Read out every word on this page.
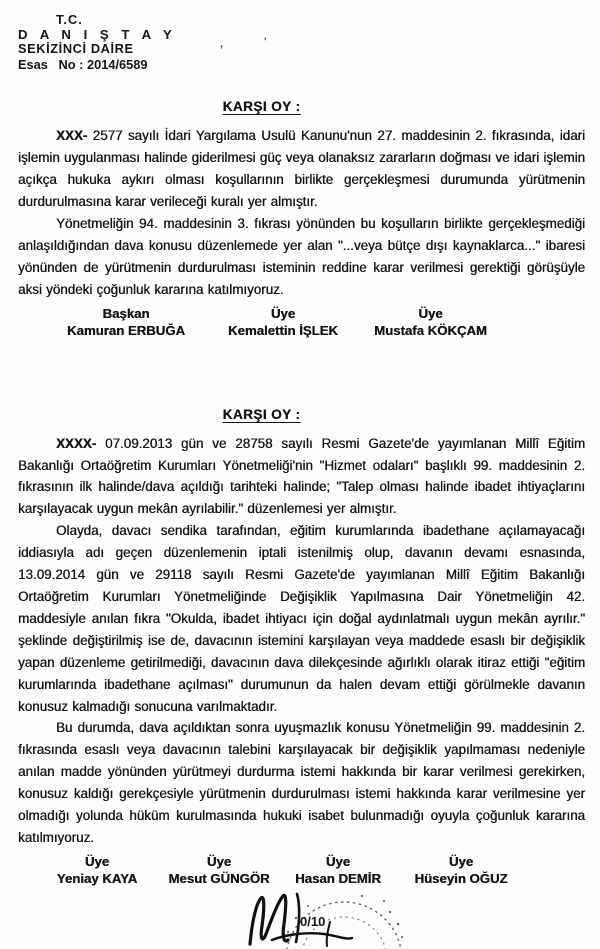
T.C.
D A N I Ş T A Y
SEKİZİNCİ DAİRE
Esas   No : 2014/6589
,	'
KARŞI OY :

XXX- 2577 sayılı İdari Yargılama Usulü Kanunu'nun 27. maddesinin 2. fıkrasında, idari işlemin uygulanması halinde giderilmesi güç veya olanaksız zararların doğması ve idari işlemin açıkça hukuka aykırı olması koşullarının birlikte gerçekleşmesi durumunda yürütmenin durdurulmasına karar verileceği kuralı yer almıştır.

Yönetmeliğin 94. maddesinin 3. fıkrası yönünden bu koşulların birlikte gerçekleşmediği anlaşıldığından dava konusu düzenlemede yer alan "...veya bütçe dışı kaynaklarca..." ibaresi yönünden de yürütmenin durdurulması isteminin reddine karar verilmesi gerektiği görüşüyle aksi yöndeki çoğunluk kararına katılmıyoruz.

Başkan
Kamuran ERBUĞA
Üye
Kemalettin İŞLEK
Üye
Mustafa KÖKÇAM
KARŞI OY :

XXXX- 07.09.2013 gün ve 28758 sayılı Resmi Gazete'de yayımlanan Millî Eğitim Bakanlığı Ortaöğretim Kurumları Yönetmeliği'nin "Hizmet odaları" başlıklı 99. maddesinin 2. fıkrasının ilk halinde/dava açıldığı tarihteki halinde; "Talep olması halinde ibadet ihtiyaçlarını karşılayacak uygun mekân ayrılabilir." düzenlemesi yer almıştır.

Olayda, davacı sendika tarafından, eğitim kurumlarında ibadethane açılamayacağı iddiasıyla adı geçen düzenlemenin iptali istenilmiş olup, davanın devamı esnasında, 13.09.2014 gün ve 29118 sayılı Resmi Gazete'de yayımlanan Millî Eğitim Bakanlığı Ortaöğretim Kurumları Yönetmeliğinde Değişiklik Yapılmasına Dair Yönetmeliğin 42. maddesiyle anılan fıkra "Okulda, ibadet ihtiyacı için doğal aydınlatmalı uygun mekân ayrılır." şeklinde değiştirilmiş ise de, davacının istemini karşılayan veya maddede esaslı bir değişiklik yapan düzenleme getirilmediği, davacının dava dilekçesinde ağırlıklı olarak itiraz ettiği "eğitim kurumlarında ibadethane açılması" durumunun da halen devam ettiği görülmekle davanın konusuz kalmadığı sonucuna varılmaktadır.

Bu durumda, dava açıldıktan sonra uyuşmazlık konusu Yönetmeliğin 99. maddesinin 2. fıkrasında esaslı veya davacının talebini karşılayacak bir değişiklik yapılmaması nedeniyle anılan madde yönünden yürütmeyi durdurma istemi hakkında bir karar verilmesi gerekirken, konusuz kaldığı gerekçesiyle yürütmenin durdurulması istemi hakkında karar verilmesine yer olmadığı yolunda hüküm kurulmasında hukuki isabet bulunmadığı oyuyla çoğunluk kararına katılmıyoruz.

Üye
Yeniay KAYA
Üye
Mesut GÜNGÖR
Üye
Hasan DEMİR
Üye
Hüseyin OĞUZ
0/10
